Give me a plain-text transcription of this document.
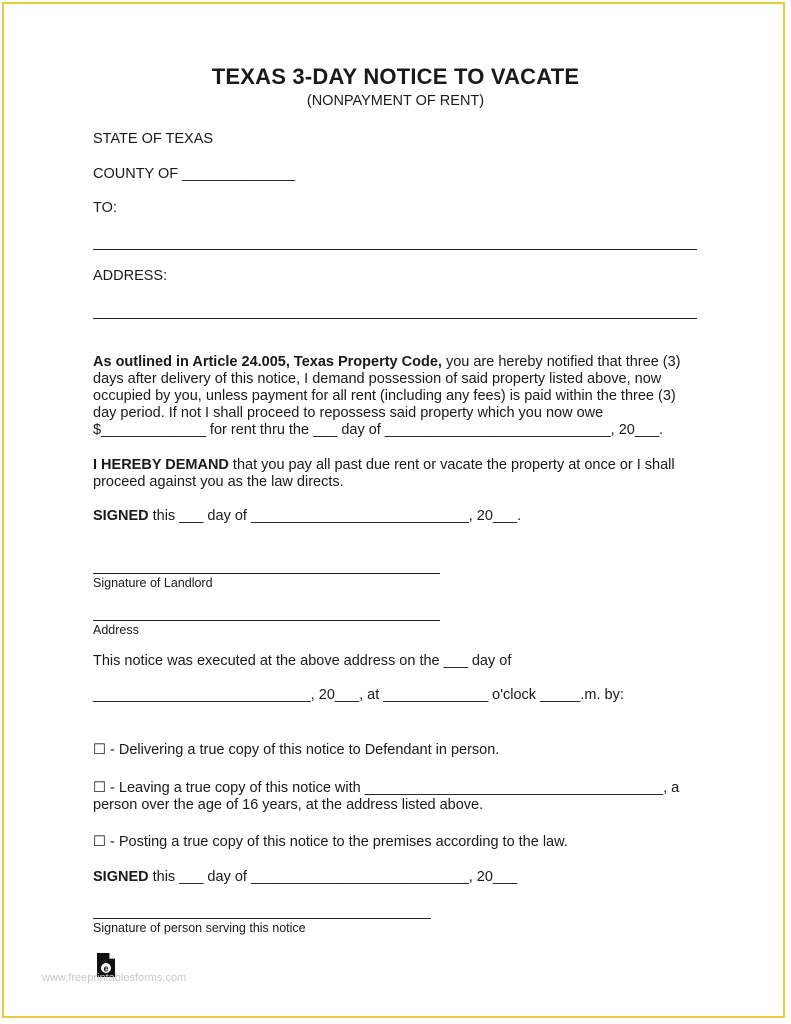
TEXAS 3-DAY NOTICE TO VACATE
(NONPAYMENT OF RENT)
STATE OF TEXAS
COUNTY OF ______________
TO:
ADDRESS:
As outlined in Article 24.005, Texas Property Code, you are hereby notified that three (3)
days after delivery of this notice, I demand possession of said property listed above, now
occupied by you, unless payment for all rent (including any fees) is paid within the three (3)
day period. If not I shall proceed to repossess said property which you now owe
$_____________ for rent thru the ___ day of ____________________________, 20___.
I HEREBY DEMAND that you pay all past due rent or vacate the property at once or I shall
proceed against you as the law directs.
SIGNED this ___ day of ___________________________, 20___.
Signature of Landlord
Address
This notice was executed at the above address on the ___ day of
___________________________, 20___, at _____________ o'clock _____.m. by:
☐ - Delivering a true copy of this notice to Defendant in person.
☐ - Leaving a true copy of this notice with _____________________________________, a
person over the age of 16 years, at the address listed above.
☐ - Posting a true copy of this notice to the premises according to the law.
SIGNED this ___ day of ___________________________, 20___
Signature of person serving this notice
e
www.freeprintablesforms.com
